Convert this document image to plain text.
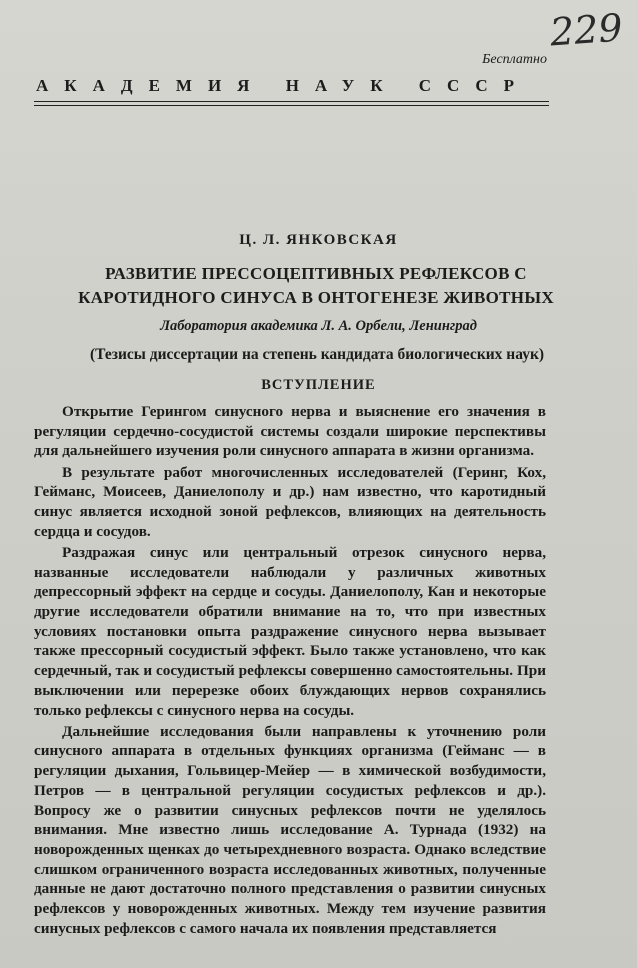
229
Бесплатно
АКАДЕМИЯ НАУК СССР
Ц. Л. ЯНКОВСКАЯ
РАЗВИТИЕ ПРЕССОЦЕПТИВНЫХ РЕФЛЕКСОВ С КАРОТИДНОГО СИНУСА В ОНТОГЕНЕЗЕ ЖИВОТНЫХ
Лаборатория академика Л. А. Орбели, Ленинград
(Тезисы диссертации на степень кандидата биологических наук)
ВСТУПЛЕНИЕ

Открытие Герингом синусного нерва и выяснение его значения в регуляции сердечно-сосудистой системы создали широкие перспективы для дальнейшего изучения роли синусного аппарата в жизни организма.

В результате работ многочисленных исследователей (Геринг, Кох, Гейманс, Моисеев, Даниелополу и др.) нам известно, что каротидный синус является исходной зоной рефлексов, влияющих на деятельность сердца и сосудов.

Раздражая синус или центральный отрезок синусного нерва, названные исследователи наблюдали у различных животных депрессорный эффект на сердце и сосуды. Даниелополу, Кан и некоторые другие исследователи обратили внимание на то, что при известных условиях постановки опыта раздражение синусного нерва вызывает также прессорный сосудистый эффект. Было также установлено, что как сердечный, так и сосудистый рефлексы совершенно самостоятельны. При выключении или перерезке обоих блуждающих нервов сохранялись только рефлексы с синусного нерва на сосуды.

Дальнейшие исследования были направлены к уточнению роли синусного аппарата в отдельных функциях организма (Гейманс — в регуляции дыхания, Гольвицер-Мейер — в химической возбудимости, Петров — в центральной регуляции сосудистых рефлексов и др.). Вопросу же о развитии синусных рефлексов почти не уделялось внимания. Мне известно лишь исследование А. Турнада (1932) на новорожденных щенках до четырехдневного возраста. Однако вследствие слишком ограниченного возраста исследованных животных, полученные данные не дают достаточно полного представления о развитии синусных рефлексов у новорожденных животных. Между тем изучение развития синусных рефлексов с самого начала их появления представляется
